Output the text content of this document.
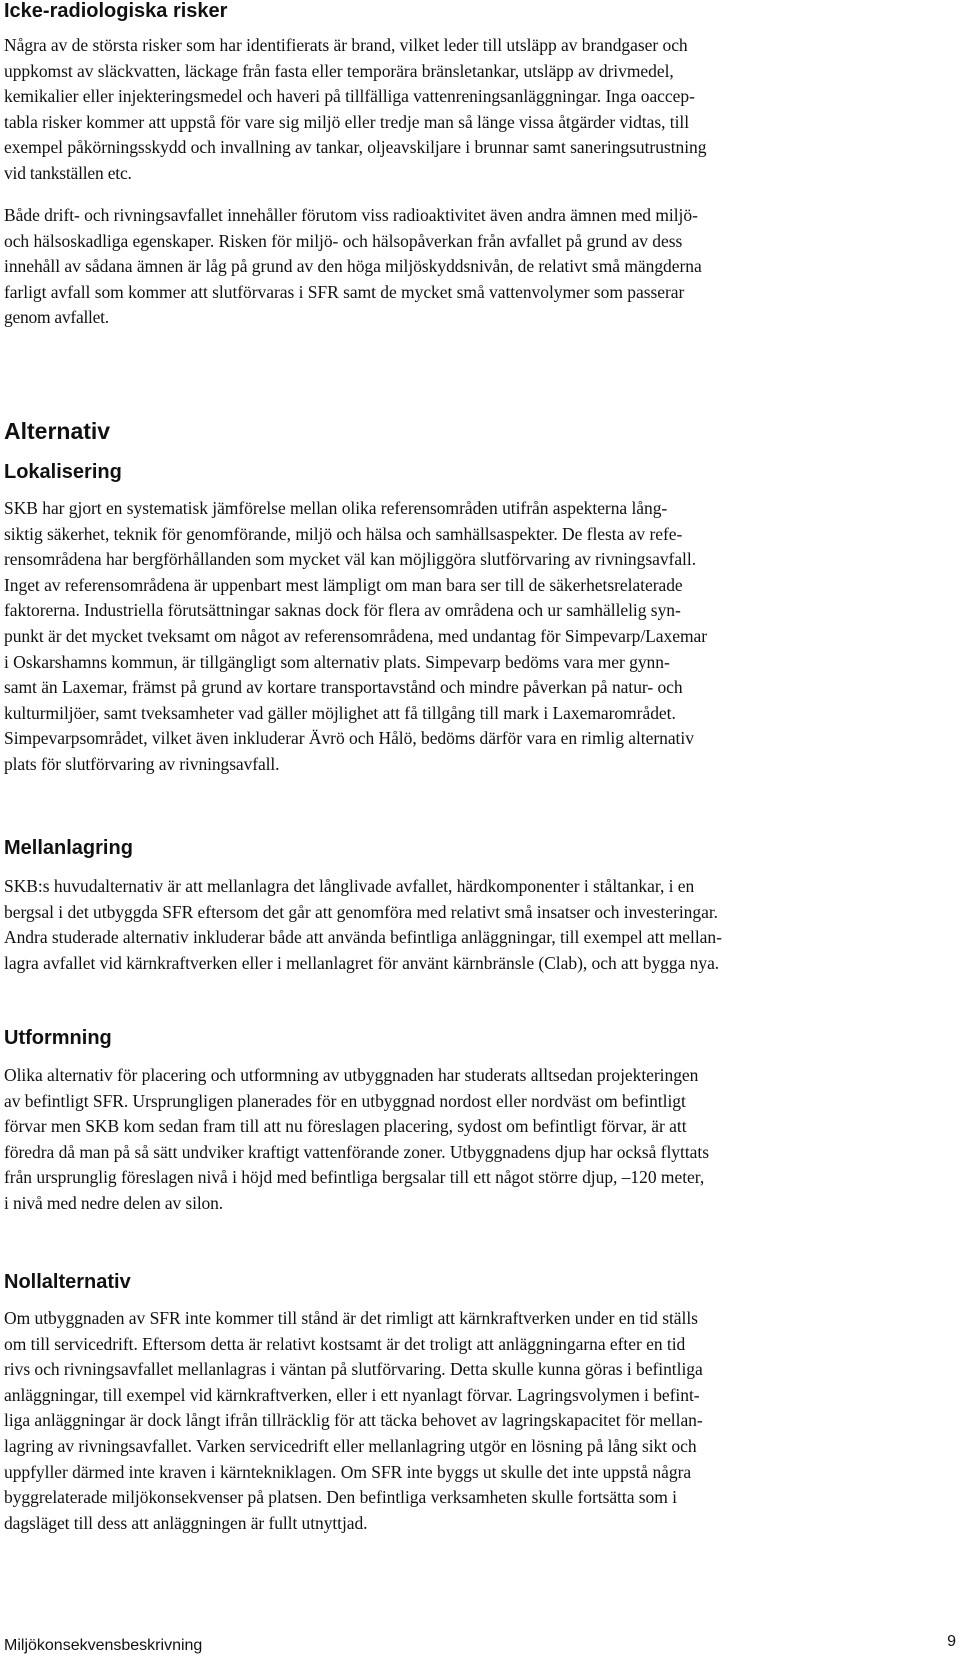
Icke-radiologiska risker
Några av de största risker som har identifierats är brand, vilket leder till utsläpp av brandgaser och
uppkomst av släckvatten, läckage från fasta eller temporära bränsletankar, utsläpp av drivmedel,
kemikalier eller injekteringsmedel och haveri på tillfälliga vattenreningsanläggningar. Inga oaccep-
tabla risker kommer att uppstå för vare sig miljö eller tredje man så länge vissa åtgärder vidtas, till
exempel påkörningsskydd och invallning av tankar, oljeavskiljare i brunnar samt saneringsutrustning
vid tankställen etc.
Både drift- och rivningsavfallet innehåller förutom viss radioaktivitet även andra ämnen med miljö-
och hälsoskadliga egenskaper. Risken för miljö- och hälsopåverkan från avfallet på grund av dess
innehåll av sådana ämnen är låg på grund av den höga miljöskyddsnivån, de relativt små mängderna
farligt avfall som kommer att slutförvaras i SFR samt de mycket små vattenvolymer som passerar
genom avfallet.
Alternativ
Lokalisering
SKB har gjort en systematisk jämförelse mellan olika referensområden utifrån aspekterna lång-
siktig säkerhet, teknik för genomförande, miljö och hälsa och samhällsaspekter. De flesta av refe-
rensområdena har bergförhållanden som mycket väl kan möjliggöra slutförvaring av rivningsavfall.
Inget av referensområdena är uppenbart mest lämpligt om man bara ser till de säkerhetsrelaterade
faktorerna. Industriella förutsättningar saknas dock för flera av områdena och ur samhällelig syn-
punkt är det mycket tveksamt om något av referensområdena, med undantag för Simpevarp/Laxemar
i Oskarshamns kommun, är tillgängligt som alternativ plats. Simpevarp bedöms vara mer gynn-
samt än Laxemar, främst på grund av kortare transportavstånd och mindre påverkan på natur- och
kulturmiljöer, samt tveksamheter vad gäller möjlighet att få tillgång till mark i Laxemarområdet.
Simpevarpsområdet, vilket även inkluderar Ävrö och Hålö, bedöms därför vara en rimlig alternativ
plats för slutförvaring av rivningsavfall.
Mellanlagring
SKB:s huvudalternativ är att mellanlagra det långlivade avfallet, härdkomponenter i ståltankar, i en
bergsal i det utbyggda SFR eftersom det går att genomföra med relativt små insatser och investeringar.
Andra studerade alternativ inkluderar både att använda befintliga anläggningar, till exempel att mellan-
lagra avfallet vid kärnkraftverken eller i mellanlagret för använt kärnbränsle (Clab), och att bygga nya.
Utformning
Olika alternativ för placering och utformning av utbyggnaden har studerats alltsedan projekteringen
av befintligt SFR. Ursprungligen planerades för en utbyggnad nordost eller nordväst om befintligt
förvar men SKB kom sedan fram till att nu föreslagen placering, sydost om befintligt förvar, är att
föredra då man på så sätt undviker kraftigt vattenförande zoner. Utbyggnadens djup har också flyttats
från ursprunglig föreslagen nivå i höjd med befintliga bergsalar till ett något större djup, –120 meter,
i nivå med nedre delen av silon.
Nollalternativ
Om utbyggnaden av SFR inte kommer till stånd är det rimligt att kärnkraftverken under en tid ställs
om till servicedrift. Eftersom detta är relativt kostsamt är det troligt att anläggningarna efter en tid
rivs och rivningsavfallet mellanlagras i väntan på slutförvaring. Detta skulle kunna göras i befintliga
anläggningar, till exempel vid kärnkraftverken, eller i ett nyanlagt förvar. Lagringsvolymen i befint-
liga anläggningar är dock långt ifrån tillräcklig för att täcka behovet av lagringskapacitet för mellan-
lagring av rivningsavfallet. Varken servicedrift eller mellanlagring utgör en lösning på lång sikt och
uppfyller därmed inte kraven i kärntekniklagen. Om SFR inte byggs ut skulle det inte uppstå några
byggrelaterade miljökonsekvenser på platsen. Den befintliga verksamheten skulle fortsätta som i
dagsläget till dess att anläggningen är fullt utnyttjad.
Miljökonsekvensbeskrivning	9
